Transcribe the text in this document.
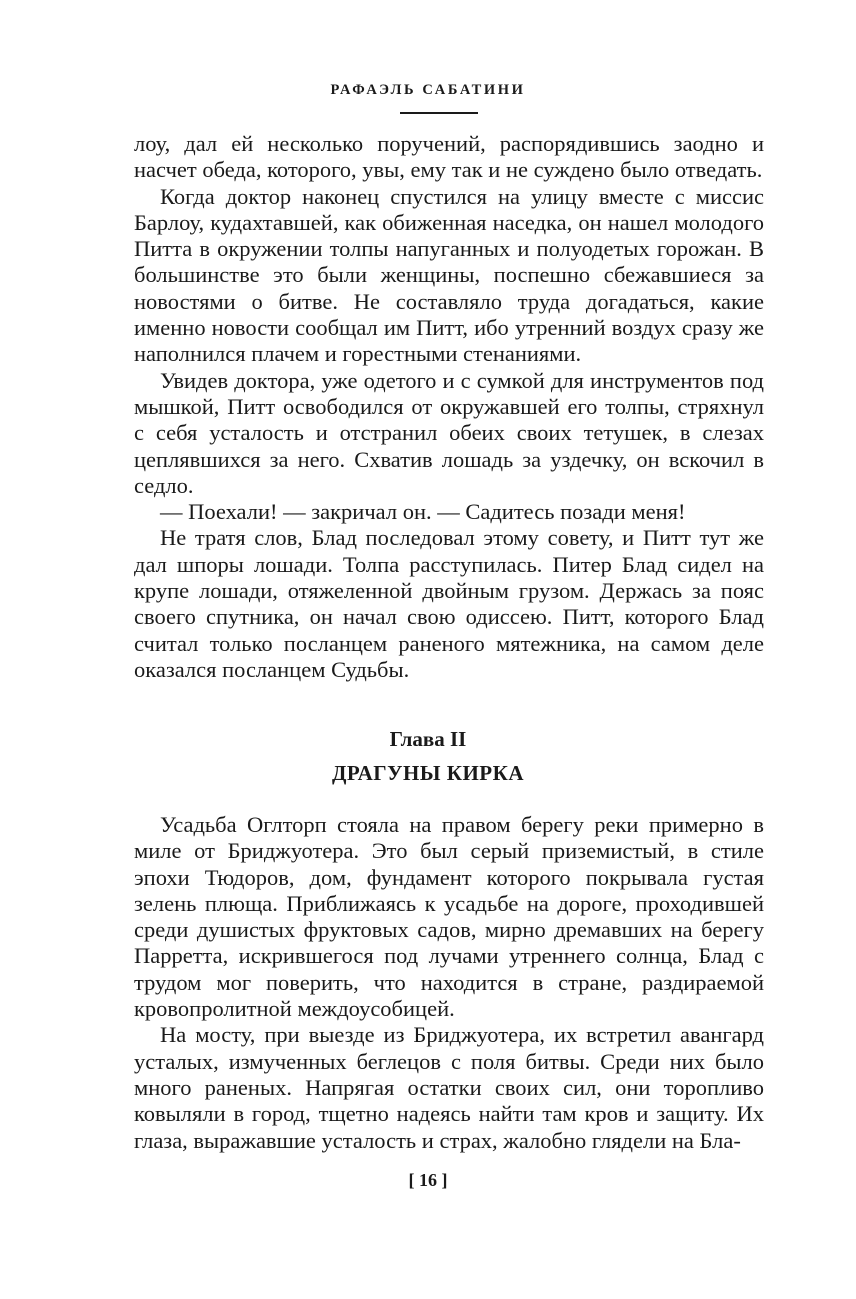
РАФАЭЛЬ САБАТИНИ

лоу, дал ей несколько поручений, распорядившись заодно и насчет обеда, которого, увы, ему так и не суждено было отведать.

Когда доктор наконец спустился на улицу вместе с миссис Барлоу, кудахтавшей, как обиженная наседка, он нашел молодого Питта в окружении толпы напуганных и полуодетых горожан. В большинстве это были женщины, поспешно сбежавшиеся за новостями о битве. Не составляло труда догадаться, какие именно новости сообщал им Питт, ибо утренний воздух сразу же наполнился плачем и горестными стенаниями.

Увидев доктора, уже одетого и с сумкой для инструментов под мышкой, Питт освободился от окружавшей его толпы, стряхнул с себя усталость и отстранил обеих своих тетушек, в слезах цеплявшихся за него. Схватив лошадь за уздечку, он вскочил в седло.

— Поехали! — закричал он. — Садитесь позади меня!

Не тратя слов, Блад последовал этому совету, и Питт тут же дал шпоры лошади. Толпа расступилась. Питер Блад сидел на крупе лошади, отяжеленной двойным грузом. Держась за пояс своего спутника, он начал свою одиссею. Питт, которого Блад считал только посланцем раненого мятежника, на самом деле оказался посланцем Судьбы.

Глава II
ДРАГУНЫ КИРКА

Усадьба Оглторп стояла на правом берегу реки примерно в миле от Бриджуотера. Это был серый приземистый, в стиле эпохи Тюдоров, дом, фундамент которого покрывала густая зелень плюща. Приближаясь к усадьбе на дороге, проходившей среди душистых фруктовых садов, мирно дремавших на берегу Парретта, искрившегося под лучами утреннего солнца, Блад с трудом мог поверить, что находится в стране, раздираемой кровопролитной междоусобицей.

На мосту, при выезде из Бриджуотера, их встретил авангард усталых, измученных беглецов с поля битвы. Среди них было много раненых. Напрягая остатки своих сил, они торопливо ковыляли в город, тщетно надеясь найти там кров и защиту. Их глаза, выражавшие усталость и страх, жалобно глядели на Бла-

[ 16 ]
